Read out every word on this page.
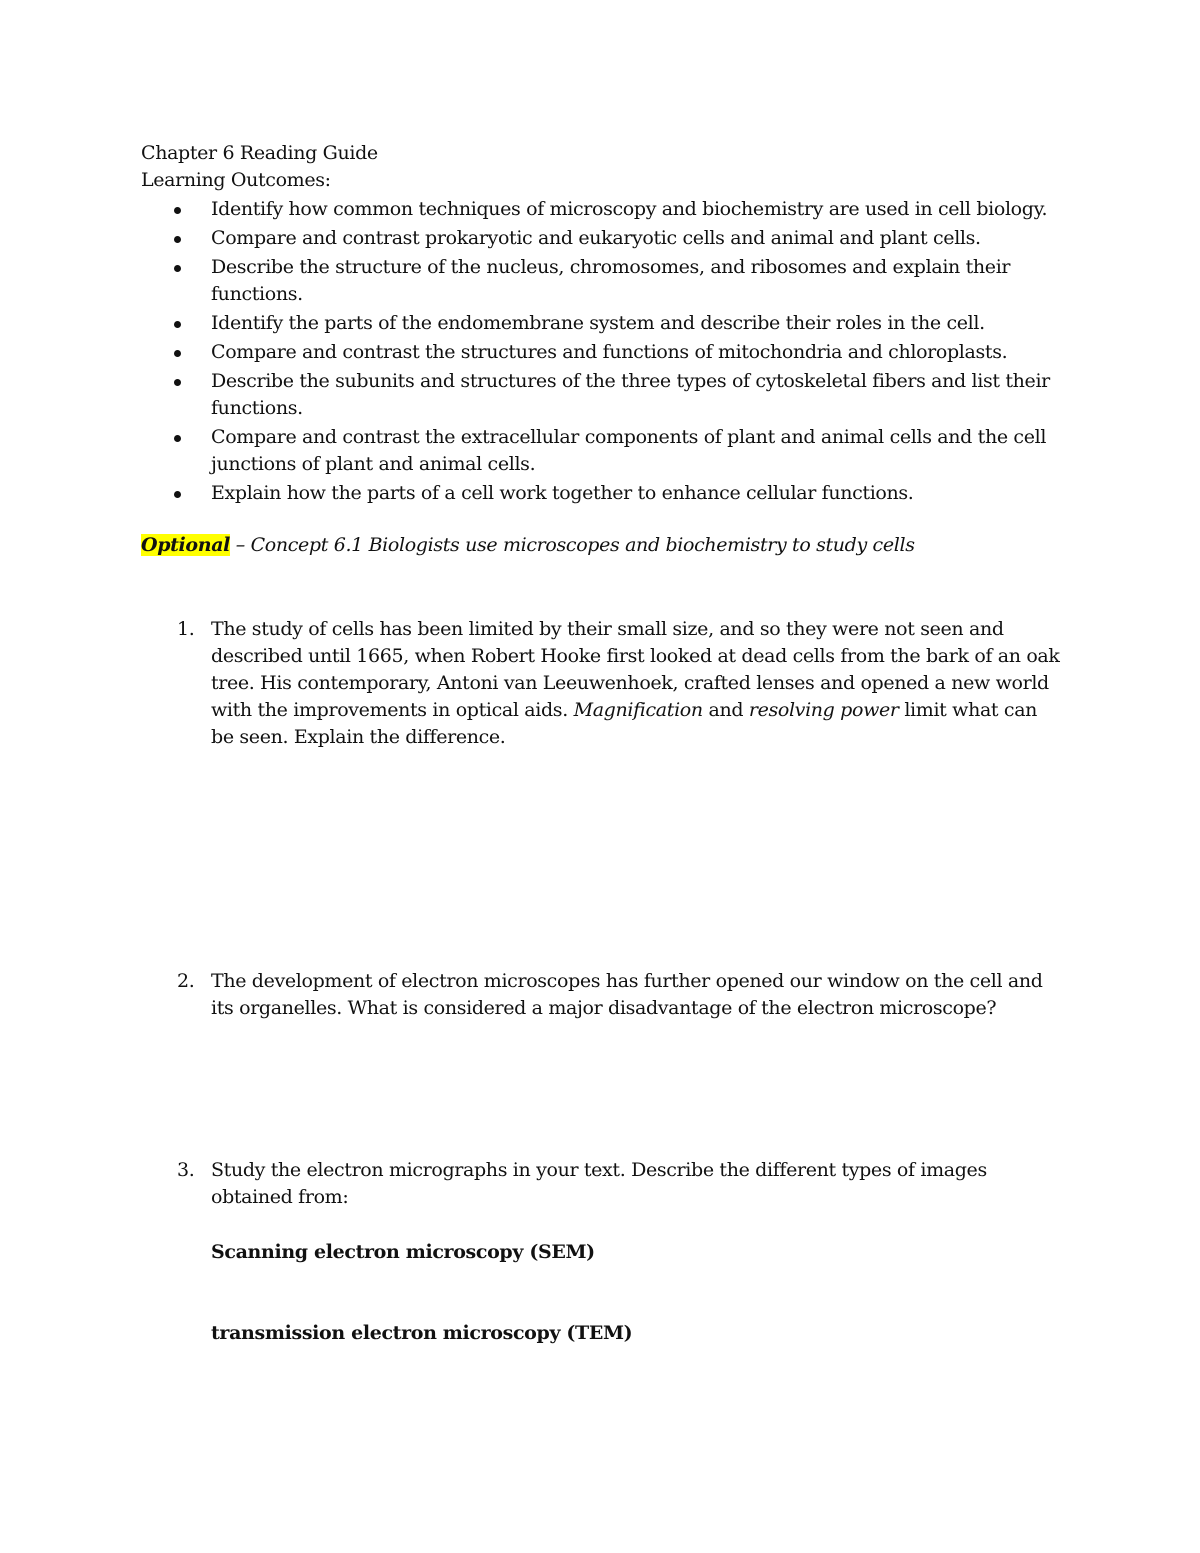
Chapter 6 Reading Guide

Learning Outcomes:

Identify how common techniques of microscopy and biochemistry are used in cell biology.
Compare and contrast prokaryotic and eukaryotic cells and animal and plant cells.
Describe the structure of the nucleus, chromosomes, and ribosomes and explain their functions.
Identify the parts of the endomembrane system and describe their roles in the cell.
Compare and contrast the structures and functions of mitochondria and chloroplasts.
Describe the subunits and structures of the three types of cytoskeletal fibers and list their functions.
Compare and contrast the extracellular components of plant and animal cells and the cell junctions of plant and animal cells.
Explain how the parts of a cell work together to enhance cellular functions.
Optional – Concept 6.1 Biologists use microscopes and biochemistry to study cells
1. The study of cells has been limited by their small size, and so they were not seen and described until 1665, when Robert Hooke first looked at dead cells from the bark of an oak tree. His contemporary, Antoni van Leeuwenhoek, crafted lenses and opened a new world with the improvements in optical aids. Magnification and resolving power limit what can be seen. Explain the difference.
2. The development of electron microscopes has further opened our window on the cell and its organelles. What is considered a major disadvantage of the electron microscope?
3. Study the electron micrographs in your text. Describe the different types of images obtained from:
Scanning electron microscopy (SEM)
transmission electron microscopy (TEM)
